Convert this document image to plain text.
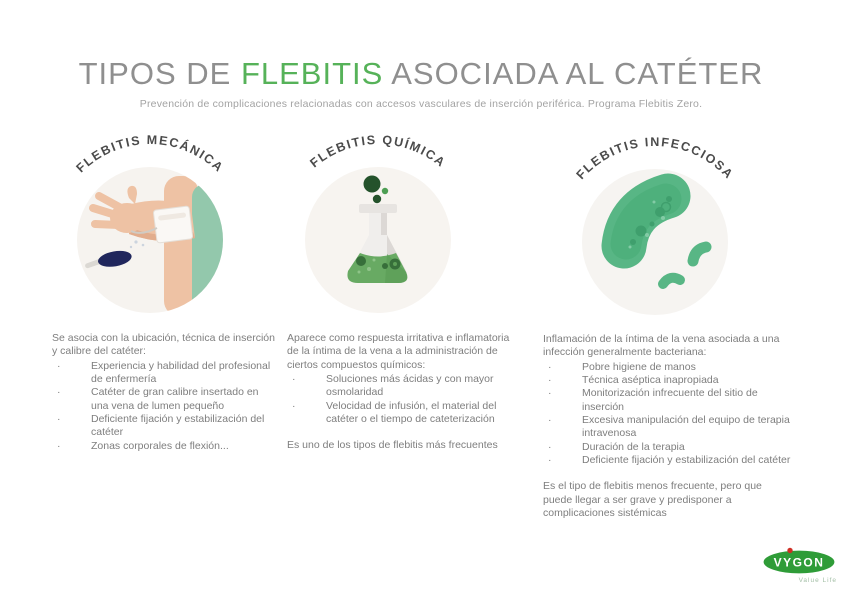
TIPOS DE FLEBITIS ASOCIADA AL CATÉTER
Prevención de complicaciones relacionadas con accesos vasculares de inserción periférica. Programa Flebitis Zero.
FLEBITIS MECÁNICA	FLEBITIS QUÍMICA
FLEBITIS INFECCIOSA

Se asocia con la ubicación, técnica de inserción y calibre del catéter:

·	Experiencia y habilidad del profesional de enfermería
·	Catéter de gran calibre insertado en una vena de lumen pequeño
·	Deficiente fijación y estabilización del catéter
·	Zonas corporales de flexión...

Aparece como respuesta irritativa e inflamatoria de la íntima de la vena a la administración de ciertos compuestos químicos:

·	Soluciones más ácidas y con mayor osmolaridad
·	Velocidad de infusión, el material del catéter o el tiempo de cateterización
Es uno de los tipos de flebitis más frecuentes

Inflamación de la íntima de la vena asociada a una infección generalmente bacteriana:

·	Pobre higiene de manos
·	Técnica aséptica inapropiada
·	Monitorización infrecuente del sitio de inserción
·	Excesiva manipulación del equipo de terapia intravenosa
·	Duración de la terapia
·	Deficiente fijación y estabilización del catéter
Es el tipo de flebitis menos frecuente, pero que puede llegar a ser grave y predisponer a complicaciones sistémicas
VYGON
Value Life
